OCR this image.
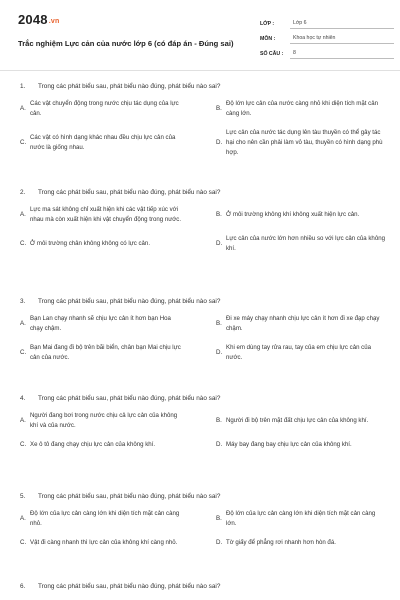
2048.vn
Trắc nghiệm Lực cản của nước lớp 6 (có đáp án - Đúng sai)
LỚP :	Lớp 6
MÔN :	Khoa học tự nhiên
SỐ CÂU :	8
1.	Trong các phát biểu sau, phát biểu nào đúng, phát biểu nào sai?
A.
Các vật chuyển động trong nước chịu tác dụng của lực cản.
B.
Độ lớn lực cản của nước càng nhỏ khi diện tích mặt cản càng lớn.
C.
Các vật có hình dạng khác nhau đều chịu lực cản của nước là giống nhau.
D.
Lực cản của nước tác dụng lên tàu thuyền có thể gây tác hại cho nên cần phải làm vỏ tàu, thuyền có hình dạng phù hợp.
2.	Trong các phát biểu sau, phát biểu nào đúng, phát biểu nào sai?
A.
Lực ma sát không chỉ xuất hiện khi các vật tiếp xúc với nhau mà còn xuất hiện khi vật chuyển động trong nước.
B. Ở môi trường không khí không xuất hiện lực cản.
C. Ở môi trường chân không không có lực cản.	D.
Lực cản của nước lớn hơn nhiều so với lực cản của không khí.
3.	Trong các phát biểu sau, phát biểu nào đúng, phát biểu nào sai?
A.
Bạn Lan chạy nhanh sẽ chịu lực cản ít hơn bạn Hoa chạy chậm.
B.
Đi xe máy chạy nhanh chịu lực cản ít hơn đi xe đạp chạy chậm.
C.
Bạn Mai đang đi bộ trên bãi biển, chân bạn Mai chịu lực cản của nước.
D.
Khi em dùng tay rửa rau, tay của em chịu lực cản của nước.
4.	Trong các phát biểu sau, phát biểu nào đúng, phát biểu nào sai?
A.
Người đang bơi trong nước chịu cả lực cản của không khí và của nước.
B. Người đi bộ trên mặt đất chịu lực cản của không khí.
C. Xe ô tô đang chạy chịu lực cản của không khí.	D. Máy bay đang bay chịu lực cản của không khí.
5.	Trong các phát biểu sau, phát biểu nào đúng, phát biểu nào sai?
A.
Độ lớn của lực cản càng lớn khi diện tích mặt cản càng nhỏ.
B.
Độ lớn của lực cản càng lớn khi diện tích mặt cản càng lớn.
C. Vật đi càng nhanh thì lực cản của không khí càng nhỏ.	D. Tờ giấy để phẳng rơi nhanh hơn hòn đá.
6.	Trong các phát biểu sau, phát biểu nào đúng, phát biểu nào sai?
